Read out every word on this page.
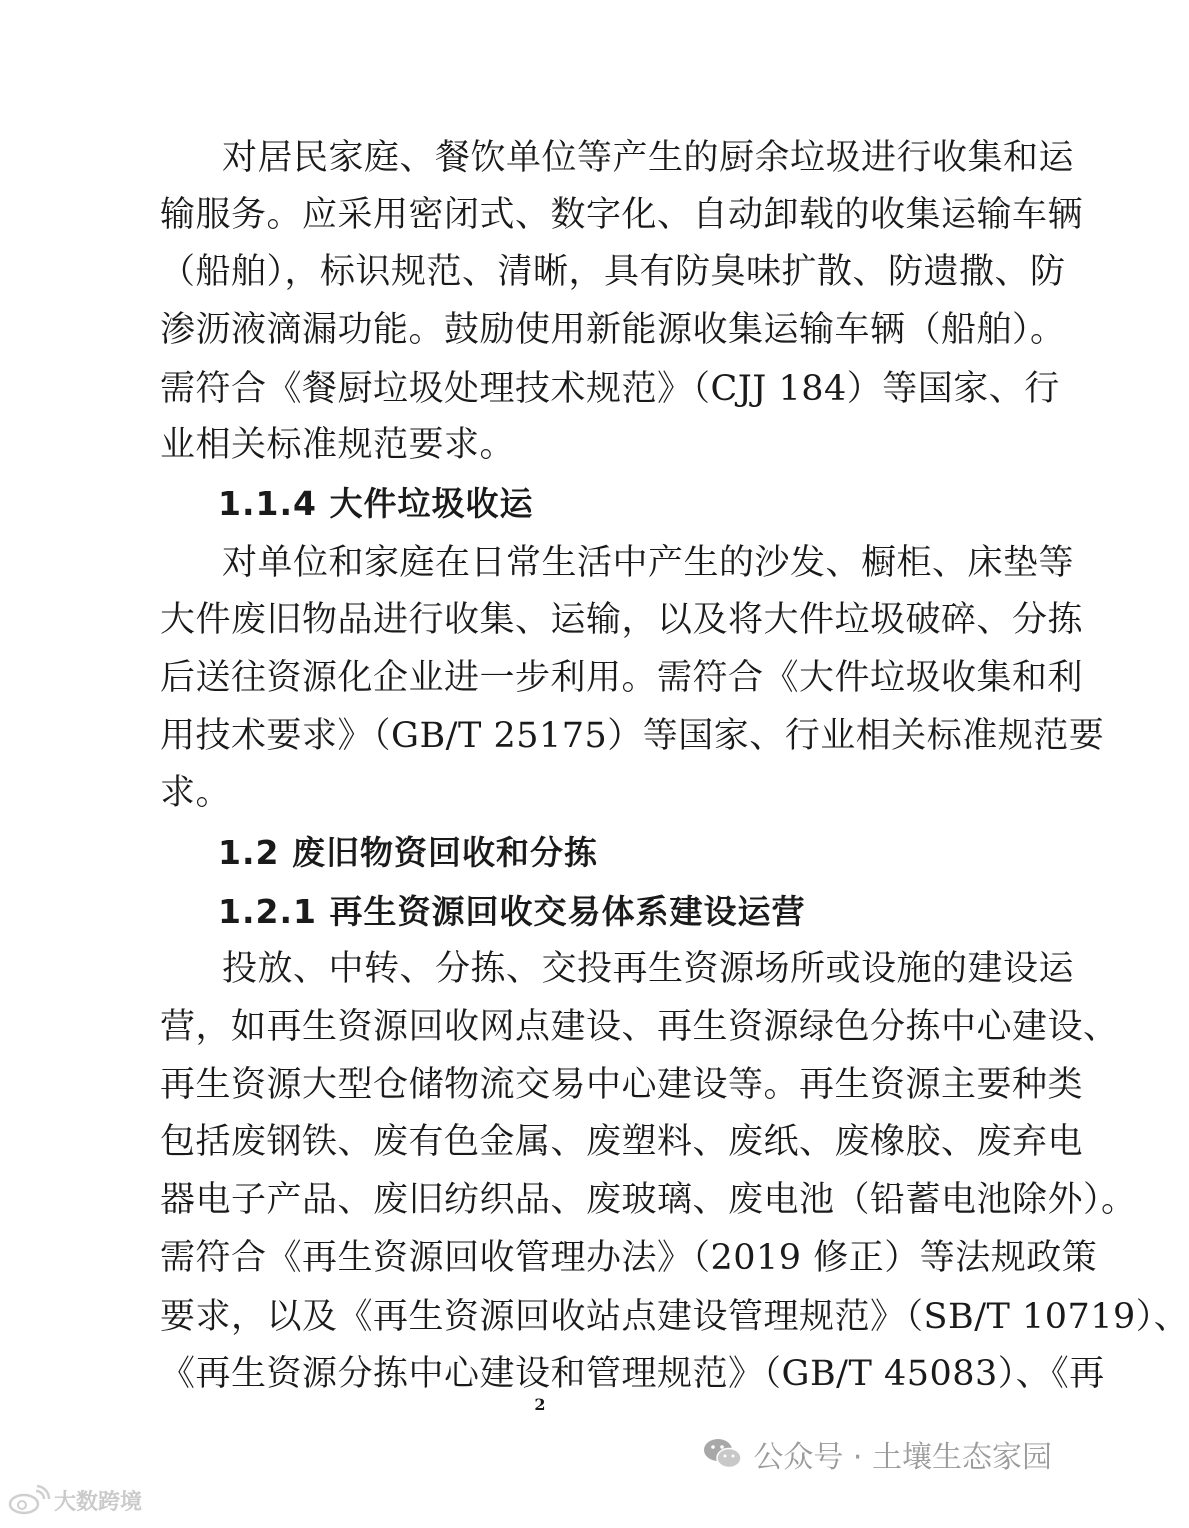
对居民家庭、餐饮单位等产生的厨余垃圾进行收集和运
输服务。应采用密闭式、数字化、自动卸载的收集运输车辆
（船舶），标识规范、清晰，具有防臭味扩散、防遗撒、防
渗沥液滴漏功能。鼓励使用新能源收集运输车辆（船舶）。
需符合《餐厨垃圾处理技术规范》（CJJ 184）等国家、行
业相关标准规范要求。
1.1.4 大件垃圾收运
对单位和家庭在日常生活中产生的沙发、橱柜、床垫等
大件废旧物品进行收集、运输，以及将大件垃圾破碎、分拣
后送往资源化企业进一步利用。需符合《大件垃圾收集和利
用技术要求》（GB/T 25175）等国家、行业相关标准规范要
求。
1.2 废旧物资回收和分拣
1.2.1 再生资源回收交易体系建设运营
投放、中转、分拣、交投再生资源场所或设施的建设运
营，如再生资源回收网点建设、再生资源绿色分拣中心建设、
再生资源大型仓储物流交易中心建设等。再生资源主要种类
包括废钢铁、废有色金属、废塑料、废纸、废橡胶、废弃电
器电子产品、废旧纺织品、废玻璃、废电池（铅蓄电池除外）。
需符合《再生资源回收管理办法》（2019 修正）等法规政策
要求，以及《再生资源回收站点建设管理规范》（SB/T 10719）、
《再生资源分拣中心建设和管理规范》（GB/T 45083）、《再
2
公众号 · 土壤生态家园
大数跨境
